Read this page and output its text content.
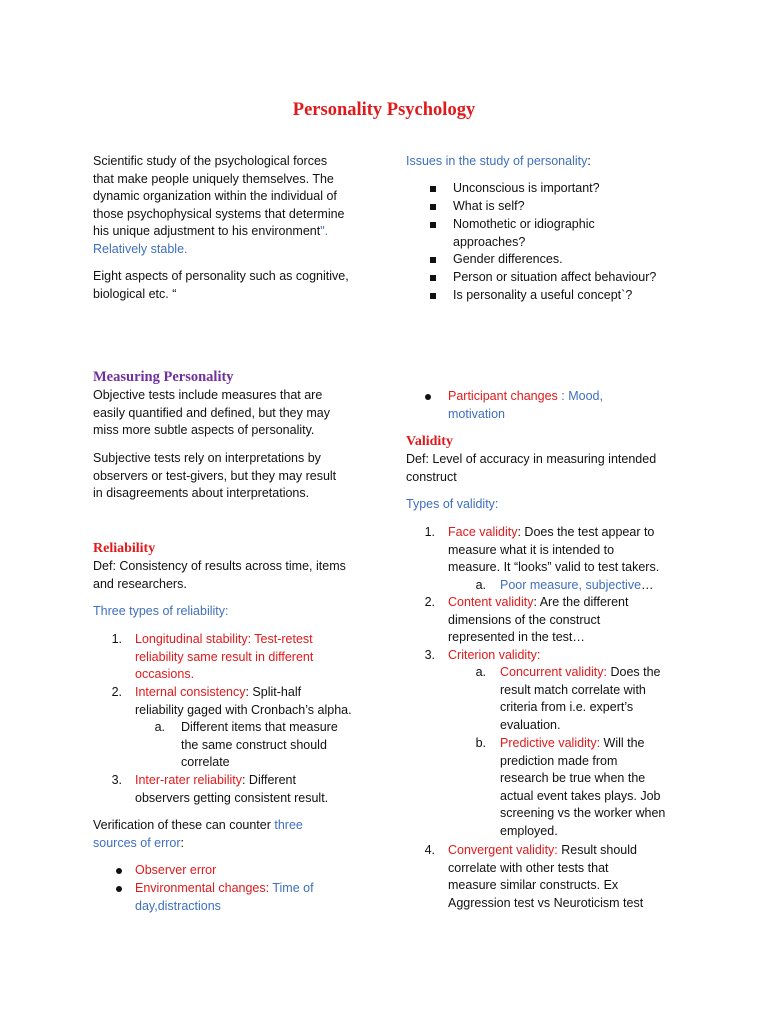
Personality Psychology

Scientific study of the psychological forces

that make people uniquely themselves. The

dynamic organization within the individual of

those psychophysical systems that determine

his unique adjustment to his environment".

Relatively stable.

Eight aspects of personality such as cognitive,

biological etc. “

Measuring Personality

Objective tests include measures that are

easily quantified and defined, but they may

miss more subtle aspects of personality.

Subjective tests rely on interpretations by

observers or test-givers, but they may result

in disagreements about interpretations.

Reliability

Def: Consistency of results across time, items

and researchers.

Three types of reliability:
1. Longitudinal stability: Test-retest

reliability same result in different

occasions.

2. Internal consistency: Split-half

reliability gaged with Cronbach’s alpha.

a. Different items that measure

the same construct should

correlate

3. Inter-rater reliability: Different

observers getting consistent result.

Verification of these can counter three

sources of error:

Observer error

Environmental changes: Time of

day,distractions

Issues in the study of personality:
Unconscious is important?
What is self?

Nomothetic or idiographic

approaches?

Gender differences.
Person or situation affect behaviour?
Is personality a useful concept`?

Participant changes : Mood,

motivation

Validity

Def: Level of accuracy in measuring intended

construct

Types of validity:
1. Face validity: Does the test appear to

measure what it is intended to

measure. It “looks” valid to test takers.

a. Poor measure, subjective…
2. Content validity: Are the different

dimensions of the construct

represented in the test…

3. Criterion validity:
a. Concurrent validity: Does the

result match correlate with

criteria from i.e. expert’s

evaluation.

b. Predictive validity: Will the

prediction made from

research be true when the

actual event takes plays. Job

screening vs the worker when

employed.

4. Convergent validity: Result should

correlate with other tests that

measure similar constructs. Ex

Aggression test vs Neuroticism test
